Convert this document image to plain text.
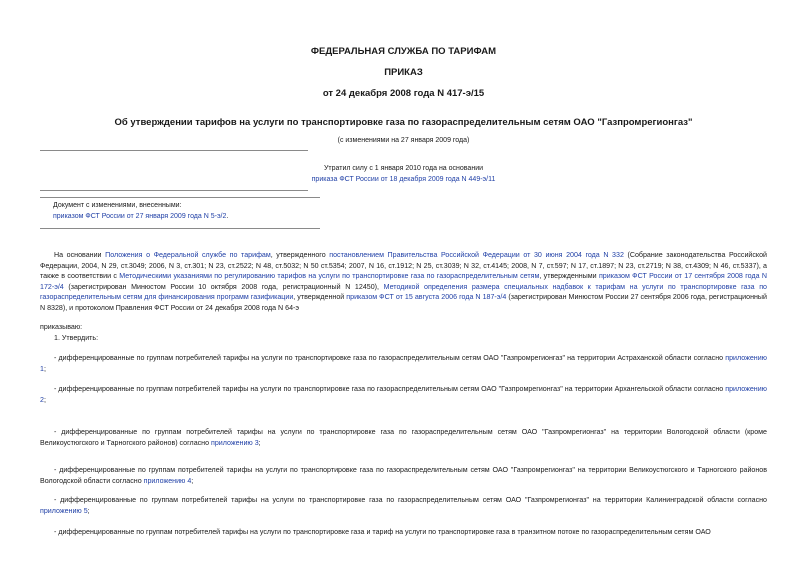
ФЕДЕРАЛЬНАЯ СЛУЖБА ПО ТАРИФАМ
ПРИКАЗ
от 24 декабря 2008 года N 417-э/15
Об утверждении тарифов на услуги по транспортировке газа по газораспределительным сетям ОАО "Газпромрегионгаз"
(с изменениями на 27 января 2009 года)
Утратил силу с 1 января 2010 года на основании
приказа ФСТ России от 18 декабря 2009 года N 449-э/11
Документ с изменениями, внесенными:
приказом ФСТ России от 27 января 2009 года N 5-э/2.
На основании Положения о Федеральной службе по тарифам, утвержденного постановлением Правительства Российской Федерации от 30 июня 2004 года N 332 (Собрание законодательства Российской Федерации, 2004, N 29, ст.3049; 2006, N 3, ст.301; N 23, ст.2522; N 48, ст.5032; N 50 ст.5354; 2007, N 16, ст.1912; N 25, ст.3039; N 32, ст.4145; 2008, N 7, ст.597; N 17, ст.1897; N 23, ст.2719; N 38, ст.4309; N 46, ст.5337), а также в соответствии с Методическими указаниями по регулированию тарифов на услуги по транспортировке газа по газораспределительным сетям, утвержденными приказом ФСТ России от 17 сентября 2008 года N 172-э/4 (зарегистрирован Минюстом России 10 октября 2008 года, регистрационный N 12450), Методикой определения размера специальных надбавок к тарифам на услуги по транспортировке газа по газораспределительным сетям для финансирования программ газификации, утвержденной приказом ФСТ от 15 августа 2006 года N 187-э/4 (зарегистрирован Минюстом России 27 сентября 2006 года, регистрационный N 8328), и протоколом Правления ФСТ России от 24 декабря 2008 года N 64-э
приказываю:
1. Утвердить:
- дифференцированные по группам потребителей тарифы на услуги по транспортировке газа по газораспределительным сетям ОАО "Газпромрегионгаз" на территории Астраханской области согласно приложению 1;
- дифференцированные по группам потребителей тарифы на услуги по транспортировке газа по газораспределительным сетям ОАО "Газпромрегионгаз" на территории Архангельской области согласно приложению 2;
- дифференцированные по группам потребителей тарифы на услуги по транспортировке газа по газораспределительным сетям ОАО "Газпромрегионгаз" на территории Вологодской области (кроме Великоустюгского и Тарногского районов) согласно приложению 3;
- дифференцированные по группам потребителей тарифы на услуги по транспортировке газа по газораспределительным сетям ОАО "Газпромрегионгаз" на территории Великоустюгского и Тарногского районов Вологодской области согласно приложению 4;
- дифференцированные по группам потребителей тарифы на услуги по транспортировке газа по газораспределительным сетям ОАО "Газпромрегионгаз" на территории Калининградской области согласно приложению 5;
- дифференцированные по группам потребителей тарифы на услуги по транспортировке газа и тариф на услуги по транспортировке газа в транзитном потоке по газораспределительным сетям ОАО
